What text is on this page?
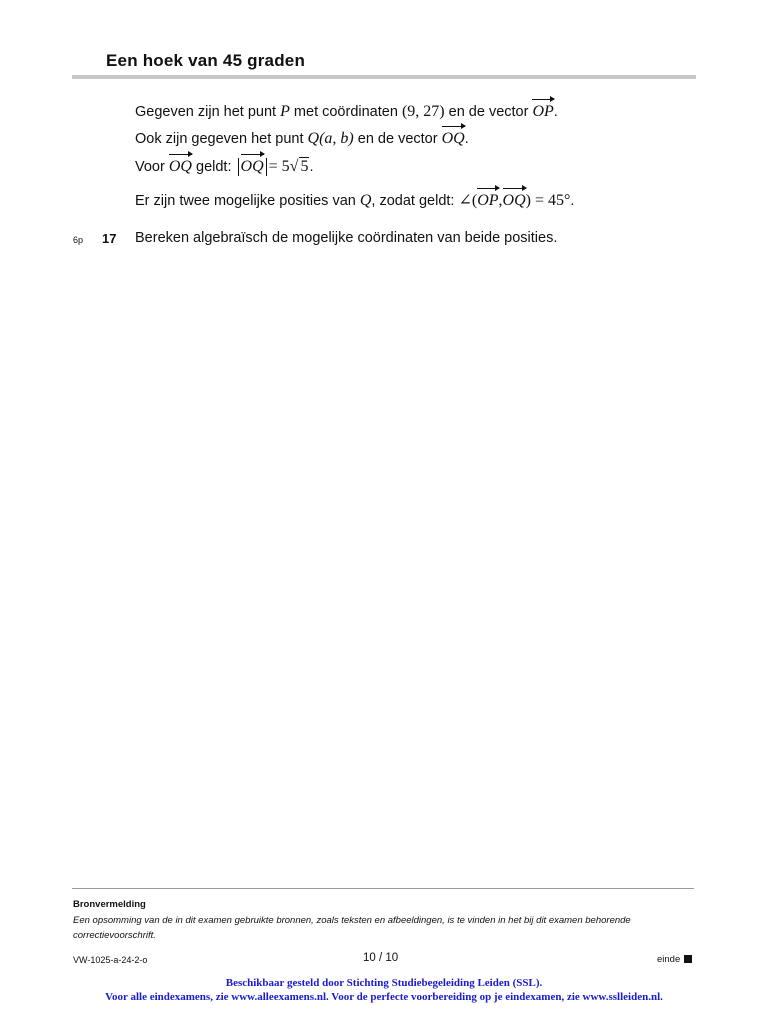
Een hoek van 45 graden
Gegeven zijn het punt P met coördinaten (9, 27) en de vector OP.
Ook zijn gegeven het punt Q(a, b) en de vector OQ.
Voor OQ geldt: OQ = 5√ 5.
Er zijn twee mogelijke posities van Q, zodat geldt: ∠(
OP,
OQ) = 45°.
6p 17 Bereken algebraïsch de mogelijke coördinaten van beide posities.
Bronvermelding
Een opsomming van de in dit examen gebruikte bronnen, zoals teksten en afbeeldingen, is te vinden in het bij dit examen behorende correctievoorschrift.
VW-1025-a-24-2-o	10 / 10	einde
Beschikbaar gesteld door Stichting Studiebegeleiding Leiden (SSL).
Voor alle eindexamens, zie www.alleexamens.nl. Voor de perfecte voorbereiding op je eindexamen, zie www.sslleiden.nl.
